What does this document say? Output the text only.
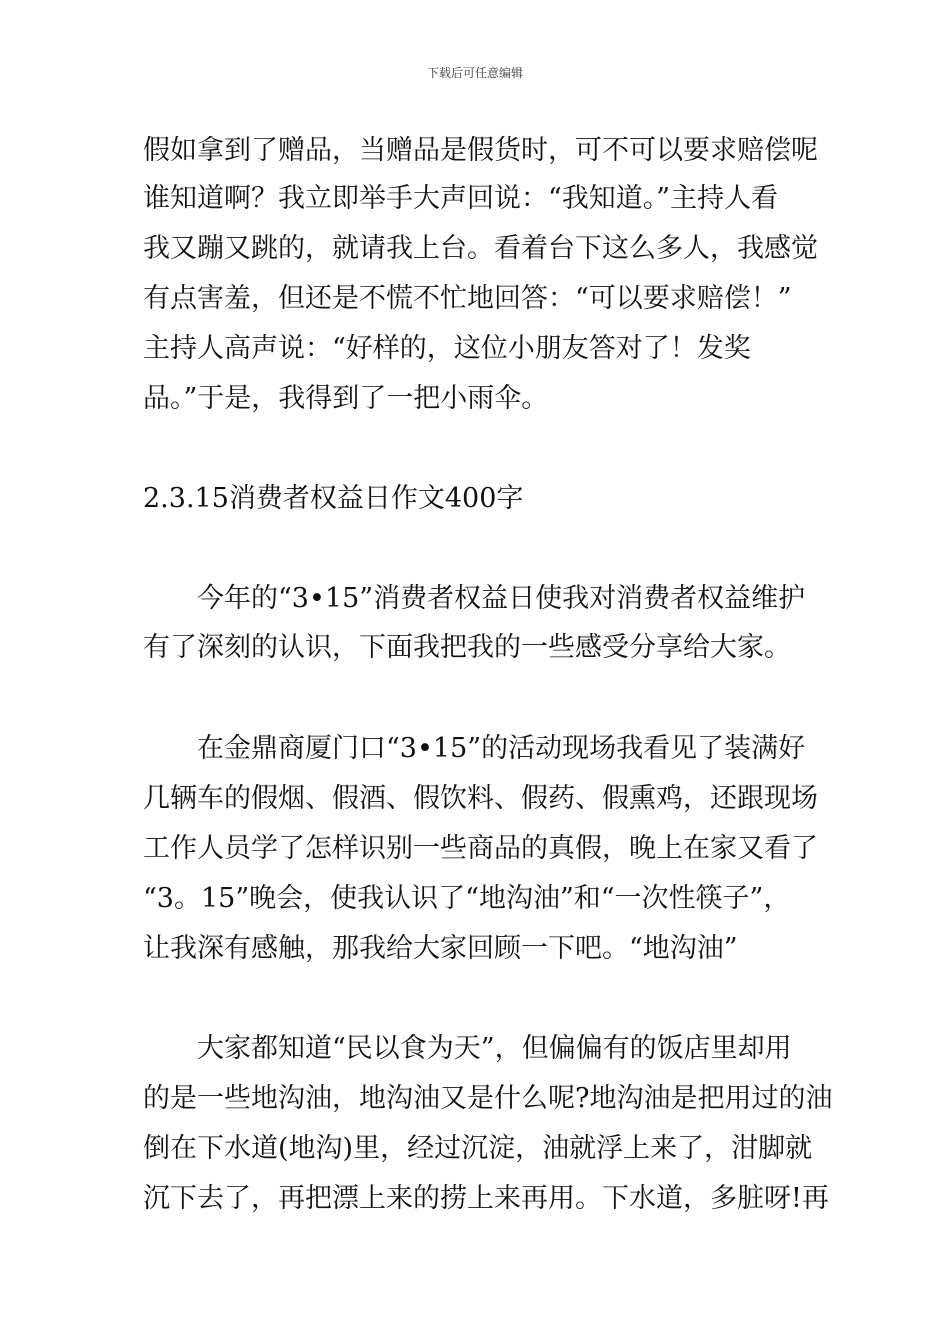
下载后可任意编辑
假如拿到了赠品，当赠品是假货时，可不可以要求赔偿呢
谁知道啊？我立即举手大声回说：“我知道。”主持人看
我又蹦又跳的，就请我上台。看着台下这么多人，我感觉
有点害羞，但还是不慌不忙地回答：“可以要求赔偿！”
主持人高声说：“好样的，这位小朋友答对了！发奖
品。”于是，我得到了一把小雨伞。
2.3.15消费者权益日作文400字
今年的“3•15”消费者权益日使我对消费者权益维护
有了深刻的认识，下面我把我的一些感受分享给大家。
在金鼎商厦门口“3•15”的活动现场我看见了装满好
几辆车的假烟、假酒、假饮料、假药、假熏鸡，还跟现场
工作人员学了怎样识别一些商品的真假，晚上在家又看了
“3。15”晚会，使我认识了“地沟油”和“一次性筷子”，
让我深有感触，那我给大家回顾一下吧。“地沟油”
大家都知道“民以食为天”，但偏偏有的饭店里却用
的是一些地沟油，地沟油又是什么呢?地沟油是把用过的油
倒在下水道(地沟)里，经过沉淀，油就浮上来了，泔脚就
沉下去了，再把漂上来的捞上来再用。下水道，多脏呀!再
